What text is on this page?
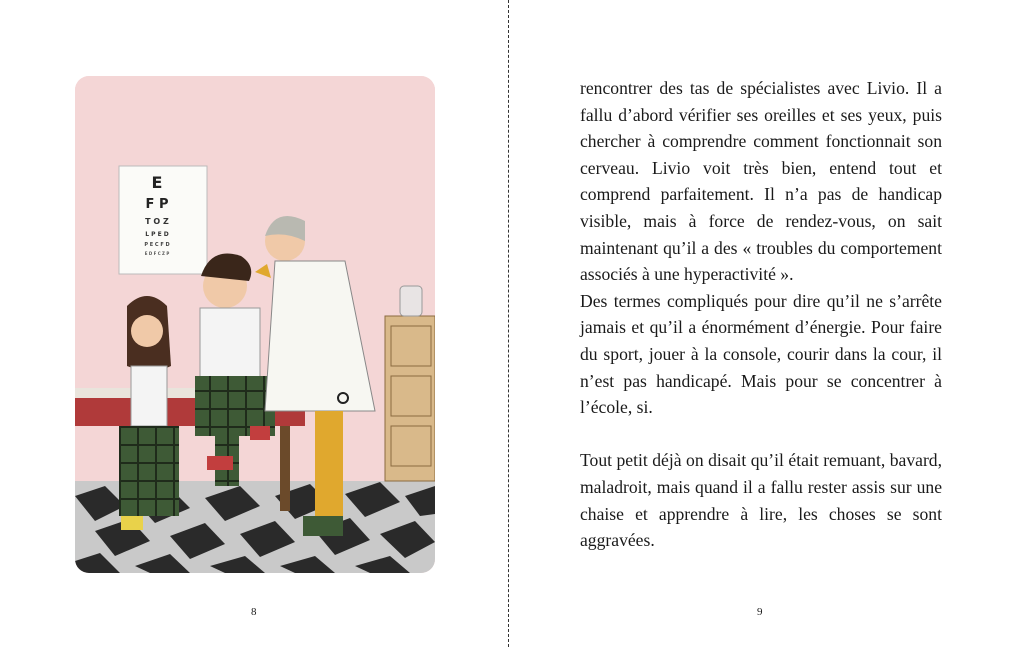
E
F P
T O Z
L P E D
P E C F D
E D F C Z P
8

rencontrer des tas de spécialistes avec Livio. Il a fallu d’abord vérifier ses oreilles et ses yeux, puis chercher à comprendre comment fonctionnait son cerveau. Livio voit très bien, entend tout et comprend parfaitement. Il n’a pas de handicap visible, mais à force de rendez-vous, on sait maintenant qu’il a des « troubles du comportement associés à une hyperactivité ».

Des termes compliqués pour dire qu’il ne s’arrête jamais et qu’il a énormément d’énergie. Pour faire du sport, jouer à la console, courir dans la cour, il n’est pas handicapé. Mais pour se concentrer à l’école, si.

Tout petit déjà on disait qu’il était remuant, bavard, maladroit, mais quand il a fallu rester assis sur une chaise et apprendre à lire, les choses se sont aggravées.

9
